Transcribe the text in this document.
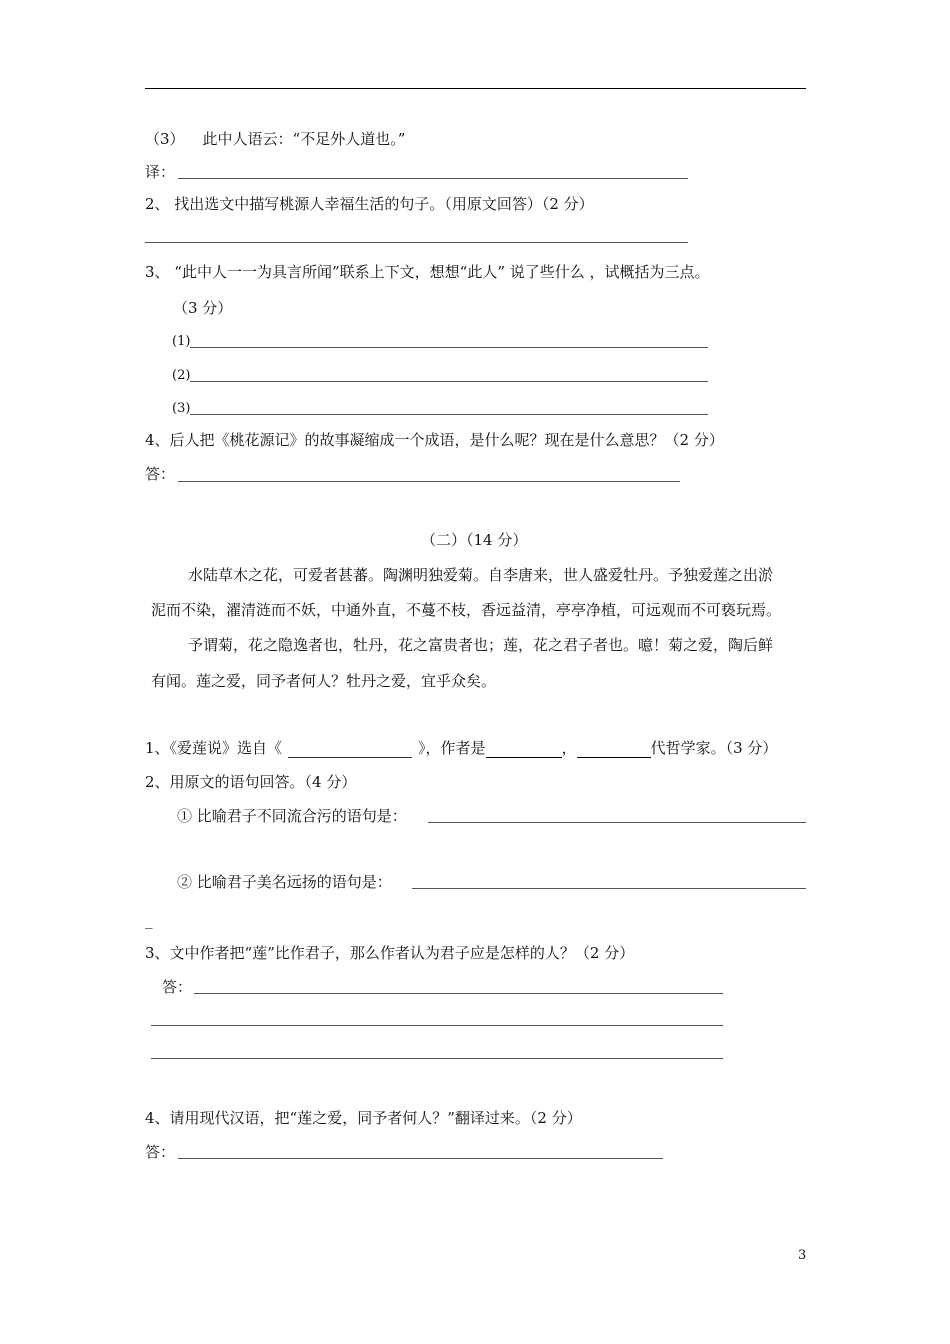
（3） 此中人语云：“不足外人道也。”
译：
2、 找出选文中描写桃源人幸福生活的句子。（用原文回答）（2 分）
3、 “此中人一一为具言所闻”联系上下文，想想“此人” 说了些什么 ，试概括为三点。
（3 分）
(1)
(2)
(3)
4、后人把《桃花源记》的故事凝缩成一个成语，是什么呢？现在是什么意思？（2 分）
答：
（二）（14 分）
水陆草木之花，可爱者甚蕃。陶渊明独爱菊。自李唐来，世人盛爱牡丹。予独爱莲之出淤
泥而不染，濯清涟而不妖，中通外直，不蔓不枝，香远益清，亭亭净植，可远观而不可亵玩焉。
予谓菊，花之隐逸者也，牡丹，花之富贵者也；莲，花之君子者也。噫！菊之爱，陶后鲜
有闻。莲之爱，同予者何人？牡丹之爱，宜乎众矣。
1、《爱莲说》选自《	》，作者是	，	代哲学家。（3 分）
2、用原文的语句回答。（4 分）
① 比喻君子不同流合污的语句是：
② 比喻君子美名远扬的语句是：
_
3、文中作者把“莲”比作君子，那么作者认为君子应是怎样的人？（2 分）
答：
4、请用现代汉语，把“莲之爱，同予者何人？”翻译过来。（2 分）
答：
3
